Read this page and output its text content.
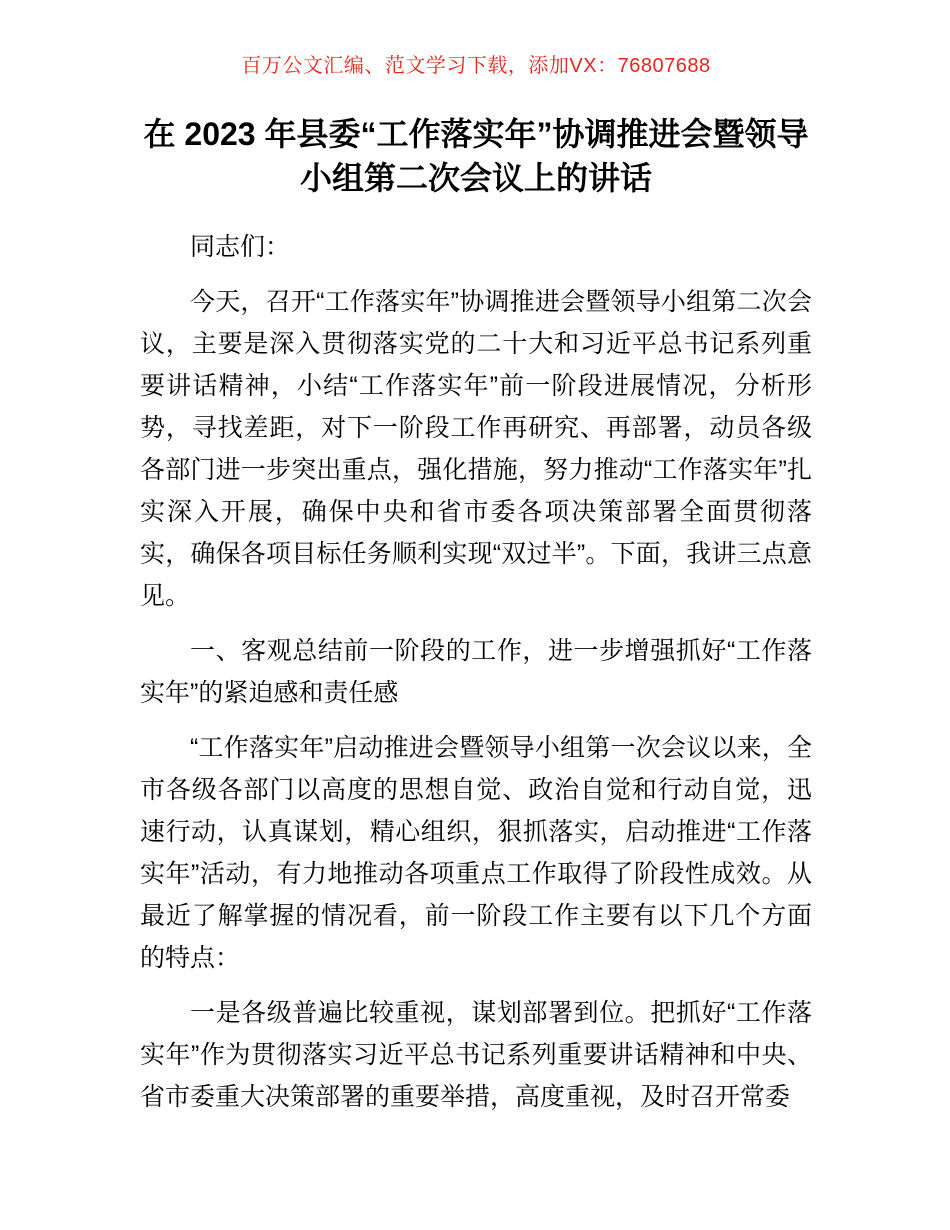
百万公文汇编、范文学习下载，添加VX：76807688
在 2023 年县委“工作落实年”协调推进会暨领导小组第二次会议上的讲话

同志们：

今天，召开“工作落实年”协调推进会暨领导小组第二次会议，主要是深入贯彻落实党的二十大和习近平总书记系列重要讲话精神，小结“工作落实年”前一阶段进展情况，分析形势，寻找差距，对下一阶段工作再研究、再部署，动员各级各部门进一步突出重点，强化措施，努力推动“工作落实年”扎实深入开展，确保中央和省市委各项决策部署全面贯彻落实，确保各项目标任务顺利实现“双过半”。下面，我讲三点意见。

一、客观总结前一阶段的工作，进一步增强抓好“工作落实年”的紧迫感和责任感

“工作落实年”启动推进会暨领导小组第一次会议以来，全市各级各部门以高度的思想自觉、政治自觉和行动自觉，迅速行动，认真谋划，精心组织，狠抓落实，启动推进“工作落实年”活动，有力地推动各项重点工作取得了阶段性成效。从最近了解掌握的情况看，前一阶段工作主要有以下几个方面的特点：

一是各级普遍比较重视，谋划部署到位。把抓好“工作落实年”作为贯彻落实习近平总书记系列重要讲话精神和中央、省市委重大决策部署的重要举措，高度重视，及时召开常委
